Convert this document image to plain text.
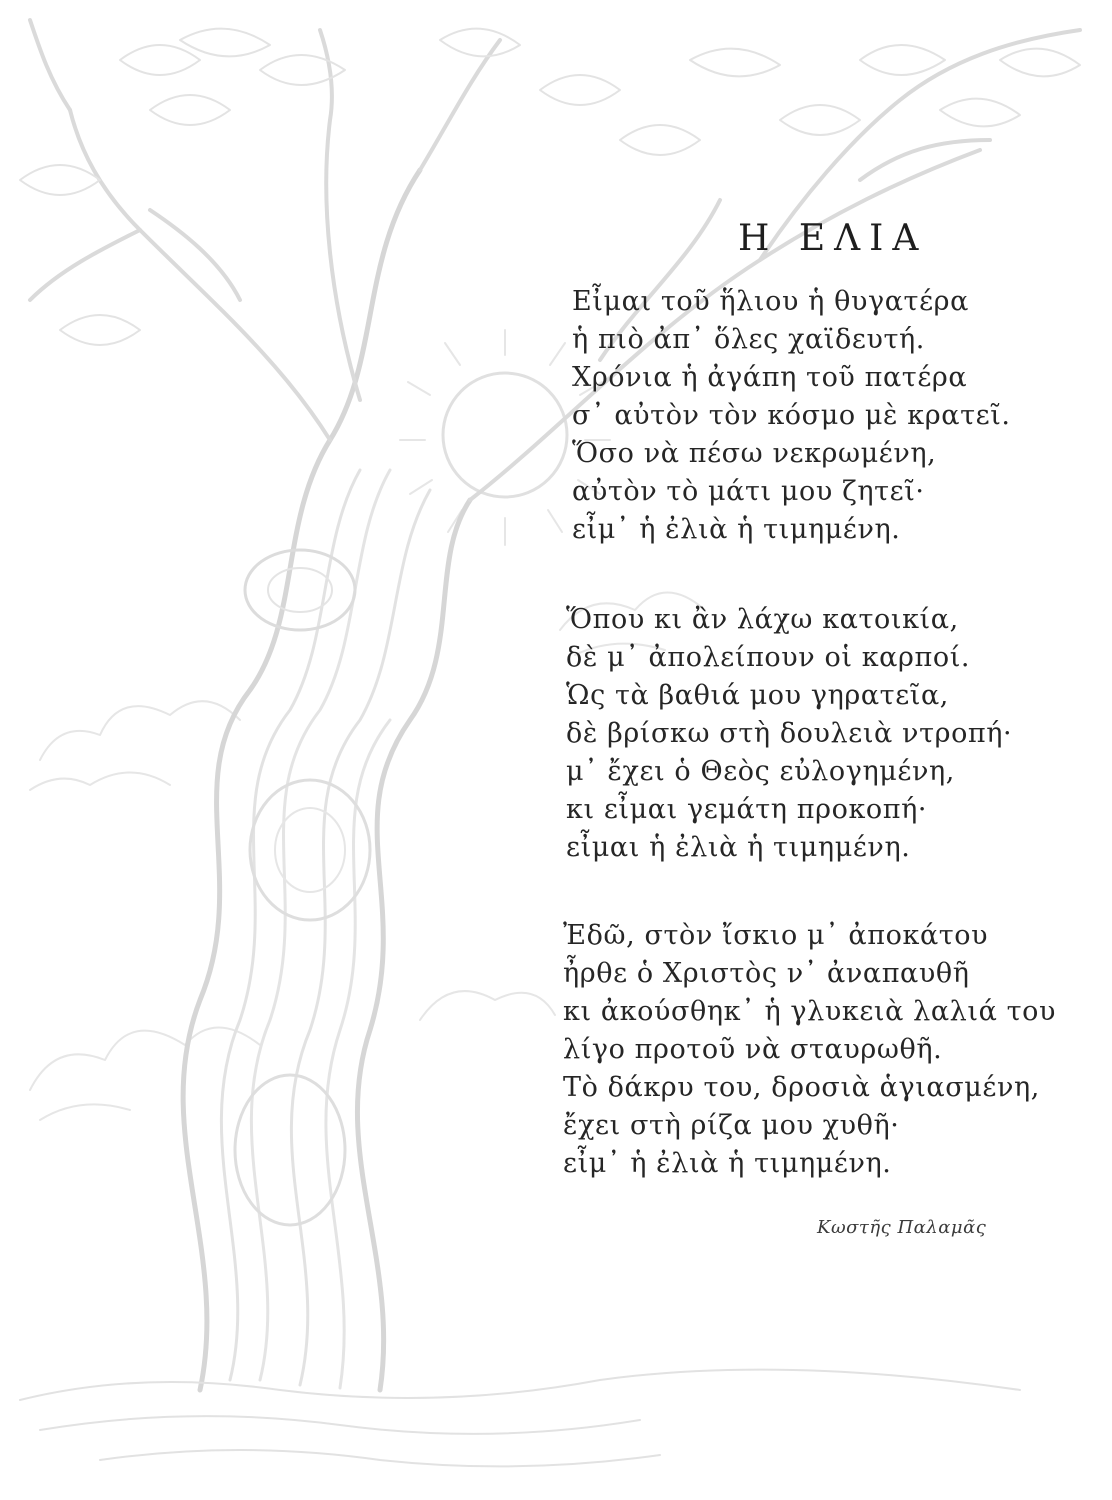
Η ΕΛΙΑ
Εἶμαι τοῦ ἥλιου ἡ θυγατέρα
ἡ πιὸ ἀπ᾽ ὅλες χαϊδευτή.
Χρόνια ἡ ἀγάπη τοῦ πατέρα
σ᾽ αὐτὸν τὸν κόσμο μὲ κρατεῖ.
Ὅσο νὰ πέσω νεκρωμένη,
αὐτὸν τὸ μάτι μου ζητεῖ·
εἶμ᾽ ἡ ἐλιὰ ἡ τιμημένη.
Ὅπου κι ἂν λάχω κατοικία,
δὲ μ᾽ ἀπολείπουν οἱ καρποί.
Ὡς τὰ βαθιά μου γηρατεῖα,
δὲ βρίσκω στὴ δουλειὰ ντροπή·
μ᾽ ἔχει ὁ Θεὸς εὐλογημένη,
κι εἶμαι γεμάτη προκοπή·
εἶμαι ἡ ἐλιὰ ἡ τιμημένη.
Ἐδῶ, στὸν ἴσκιο μ᾽ ἀποκάτου
ἦρθε ὁ Χριστὸς ν᾽ ἀναπαυθῆ
κι ἀκούσθηκ᾽ ἡ γλυκειὰ λαλιά του
λίγο προτοῦ νὰ σταυρωθῆ.
Τὸ δάκρυ του, δροσιὰ ἁγιασμένη,
ἔχει στὴ ρίζα μου χυθῆ·
εἶμ᾽ ἡ ἐλιὰ ἡ τιμημένη.
Κωστῆς Παλαμᾶς
